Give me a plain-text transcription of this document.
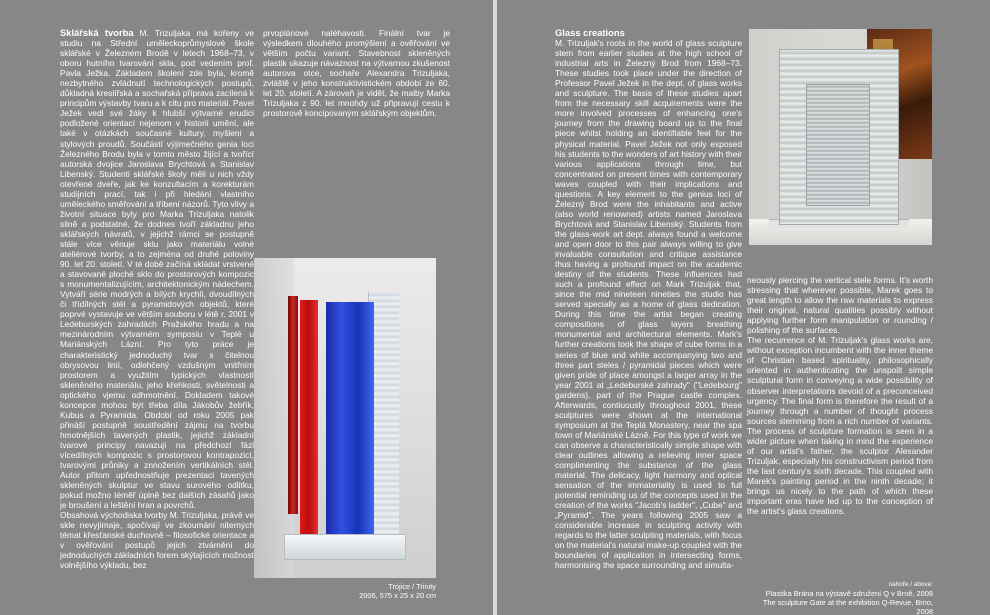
Sklářská tvorba M. Trizuljaka má kořeny ve studiu na Střední uměleckoprůmyslové škole sklářské v Železném Brodě v letech 1968–73, v oboru hutního tvarování skla, pod vedením prof. Pavla Ježka. Základem školení zde byla, kromě nezbytného zvládnutí technologických postupů, důkladná kreslířská a sochařská příprava zacílená k principům výstavby tvaru a k citu pro materiál. Pavel Ježek vedl své žáky k hlubší výtvarné erudici podložené orientací nejenom v historii umění, ale také v otázkách současné kultury, myšlení a stylových proudů. Součástí výjimečného genia loci Železného Brodu byla v tomto město žijící a tvořící autorská dvojice Jaroslava Brychtová a Stanislav Libenský. Studenti sklářské školy měli u nich vždy otevřené dveře, jak ke konzultacím a korekturám studijních prací, tak i při hledání vlastního uměleckého směřování a tříbení názorů. Tyto vlivy a životní situace byly pro Marka Trizuljaka natolik silně a podstatné, že dodnes tvoří základnu jeho sklářských návratů, v jejichž rámci se postupně stále více věnuje sklu jako materiálu volné ateliérové tvorby, a to zejména od druhé poloviny 90. let 20. století. V té době začíná skládat vrstvené a stavované ploché sklo do prostorových kompozic s monumentalizujícím, architektonickým nádechem. Vytváří série modrých a bílých krychlí, dvoudílných či třídílných stél a pyramidových objektů, které poprvé vystavuje ve větším souboru v létě r. 2001 v Ledeburských zahradách Pražského hradu a na mezinárodním výtvarném symposiu v Teplé u Mariánských Lázní. Pro tyto práce je charakteristický jednoduchý tvar s čitelnou obrysovou linií, odlehčený vzdušným vnitřním prostorem a využitím typických vlastností skleněného materiálu, jeho křehkosti, světelnosti a optického vjemu odhmotnění. Dokladem takové koncepce mohou být třeba díla Jákobův žebřík, Kubus a Pyramida. Období od roku 2005 pak přináší postupně soustředění zájmu na tvorbu hmotnějších tavených plastik, jejichž základní tvarové principy navazují na předchozí fázi vícedílných kompozic s prostorovou kontrapozicí, tvarovými průniky a znnožením vertikálních stél. Autor přitom upřednostňuje prezentaci tavených skleněných skulptur ve stavu surového odlitku, pokud možno téměř úplně bez dalších zásahů jako je broušení a leštění hran a povrchů.

Obsahová východiska tvorby M. Trizuljaka, právě ve skle nevyjímaje, spočívají ve zkoumání niterných témat křesťanské duchovně – filosofické orientace a v ověřování postupů jejich ztvárnění do jednoduchých základních forem skýtajících možnost volnějšího výkladu, bez

prvoplánové naléhavosti. Finální tvar je výsledkem dlouhého promýšlení a ověřování ve větším počtu variant. Stavebnost skleněných plastik ukazuje návaznost na výtvarnou zkušenost autorova otce, sochaře Alexandra Trizuljaka, zvláště v jeho konstruktivistickém období ze 60. let 20. století. A zároveň je vidět, že malby Marka Trizuljaka z 90. let mnohdy už připravují cestu k prostorově koncipovaným sklářským objektům.

Trojice / Trinity
2006, 575 x 25 x 20 cm

Glass creations

M. Trizuljak's roots in the world of glass sculpture stem from earlier studies at the high school of industrial arts in Železný Brod from 1968–73. These studies took place under the direction of Professor Pavel Ježek in the dept. of glass works and sculpture. The basis of these studies apart from the necessary skill acquirements were the more involved processes of enhancing one's journey from the drawing board up to the final piece whilst holding an identifiable feel for the physical material. Pavel Ježek not only exposed his students to the wonders of art history with their various applications through time, but concentrated on present times with contemporary waves coupled with their implications and questions. A key element to the genius loci of Železný Brod were the inhabitants and active (also world renowned) artists named Jaroslava Brychtová and Stanislav Libenský. Students from the glass-work art dept. always found a welcome and open door to this pair always willing to give invaluable consultation and critique assistance thus having a profound impact on the academic destiny of the students. These influences had such a profound effect on Mark Trizuljak that, since the mid nineteen nineties the studio has served specially as a home of glass dedication. During this time the artist began creating compositions of glass layers breathing monumental and architectural elements. Mark's further creations took the shape of cube forms in a series of blue and white accompanying two and three part steles / pyramidal pieces which were given pride of place amongst a larger array in the year 2001 at „Ledeburské zahrady" ("Ledebourg" gardens), part of the Prague castle complex. Afterwards, contiuously throughout 2001, these sculptures were shown at the international symposium at the Teplá Monastery, near the spa town of Mariánské Lázně. For this type of work we can observe a characteristically simple shape with clear outlines allowing a relieving inner space complimenting the substance of the glass material. The delicacy, light harmony and optical sensation of the immateriality is used to full potential reminding us of the concepts used in the creation of the works "Jacob's ladder", „Cube" and „Pyramid". The years following 2005 saw a considerable increase in sculpting activity with regards to the latter sculpting materials, with focus on the material's natural make-up coupled with the boundaries of application in intersecting forms, harmonising the space surrounding and simulta-

neously piercing the vertical stele forms. It's worth stressing that wherever possible, Marek goes to great length to allow the raw materials to express their original, natural qualities possibly without applying further form manipulation or rounding / polishing of the surfaces.

The recurrence of M. Trizuljak's glass works are, without exception incumbent with the inner theme of Christian based spirituality, philosophically oriented in authenticating the unspoilt simple sculptural form in conveying a wide possibility of observer interpretations devoid of a preconceived urgency. The final form is therefore the result of a journey through a number of thought process sources stemming from a rich number of variants. The process of sculpture formation is seen in a wider picture when taking in mind the experience of our artist's father, the sculptor Alexander Trizuljak, especially his constructivism period from the last century's sixth decade. This coupled with Marek's painting period in the ninth decade; it brings us nicely to the path of which these important eras have led up to the conception of the artist's glass creations.

nahoře / above:
Plastika Brána na výstavě sdružení Q v Brně, 2008
The sculpture Gate at the exhibition Q-Revue, Brno, 2008
